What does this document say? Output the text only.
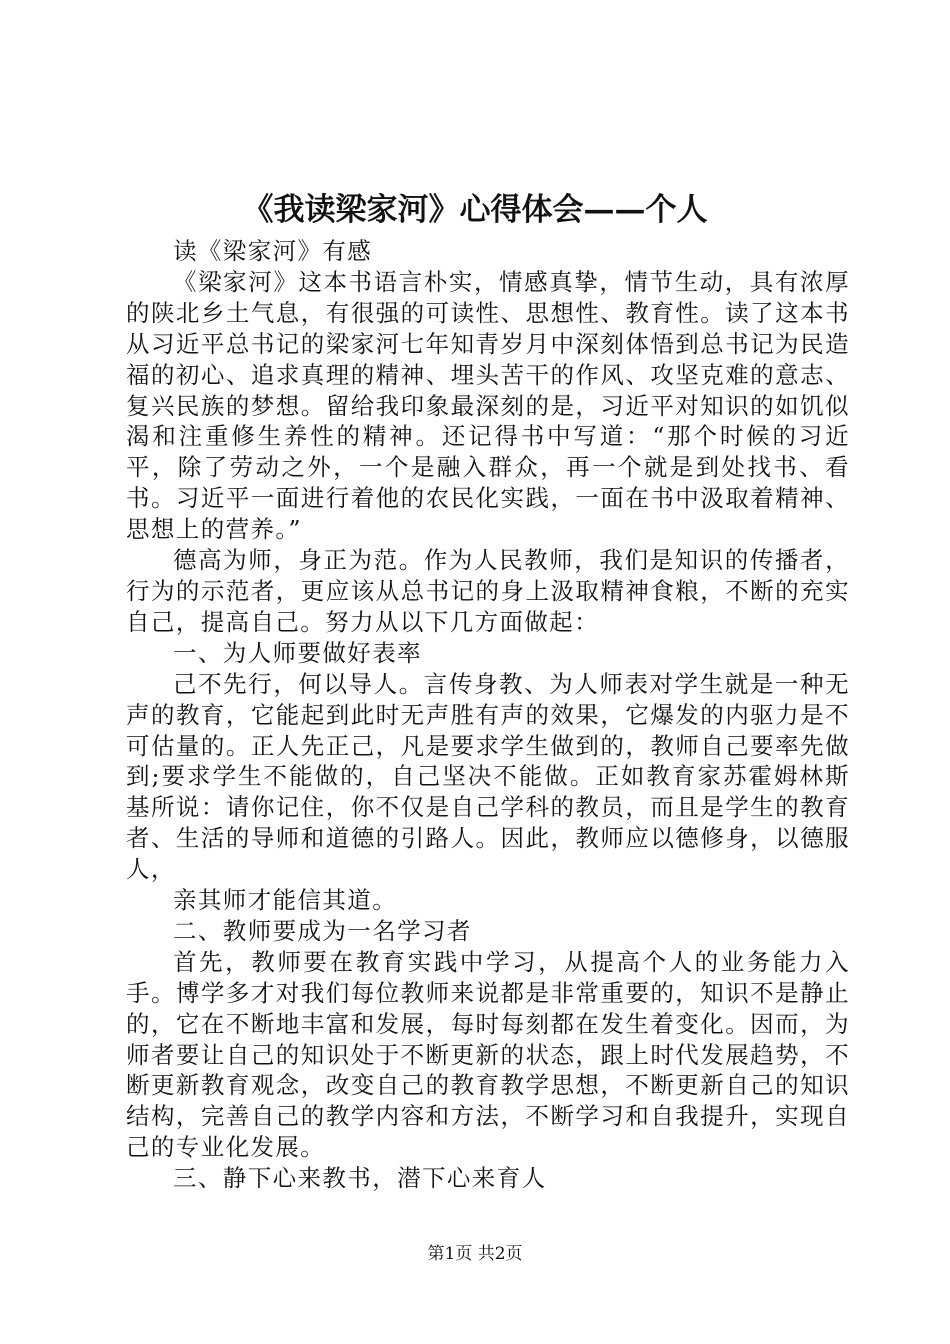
《我读梁家河》心得体会——个人

读《梁家河》有感

《梁家河》这本书语言朴实，情感真挚，情节生动，具有浓厚的陕北乡土气息，有很强的可读性、思想性、教育性。读了这本书从习近平总书记的梁家河七年知青岁月中深刻体悟到总书记为民造福的初心、追求真理的精神、埋头苦干的作风、攻坚克难的意志、复兴民族的梦想。留给我印象最深刻的是，习近平对知识的如饥似渴和注重修生养性的精神。还记得书中写道：“那个时候的习近平，除了劳动之外，一个是融入群众，再一个就是到处找书、看书。习近平一面进行着他的农民化实践，一面在书中汲取着精神、思想上的营养。”

德高为师，身正为范。作为人民教师，我们是知识的传播者，行为的示范者，更应该从总书记的身上汲取精神食粮，不断的充实自己，提高自己。努力从以下几方面做起：

一、为人师要做好表率

己不先行，何以导人。言传身教、为人师表对学生就是一种无声的教育，它能起到此时无声胜有声的效果，它爆发的内驱力是不可估量的。正人先正己，凡是要求学生做到的，教师自己要率先做到;要求学生不能做的，自己坚决不能做。正如教育家苏霍姆林斯基所说：请你记住，你不仅是自己学科的教员，而且是学生的教育者、生活的导师和道德的引路人。因此，教师应以德修身，以德服人，

亲其师才能信其道。

二、教师要成为一名学习者

首先，教师要在教育实践中学习，从提高个人的业务能力入手。博学多才对我们每位教师来说都是非常重要的，知识不是静止的，它在不断地丰富和发展，每时每刻都在发生着变化。因而，为师者要让自己的知识处于不断更新的状态，跟上时代发展趋势，不断更新教育观念，改变自己的教育教学思想，不断更新自己的知识结构，完善自己的教学内容和方法，不断学习和自我提升，实现自己的专业化发展。

三、静下心来教书，潜下心来育人

第1页 共2页
